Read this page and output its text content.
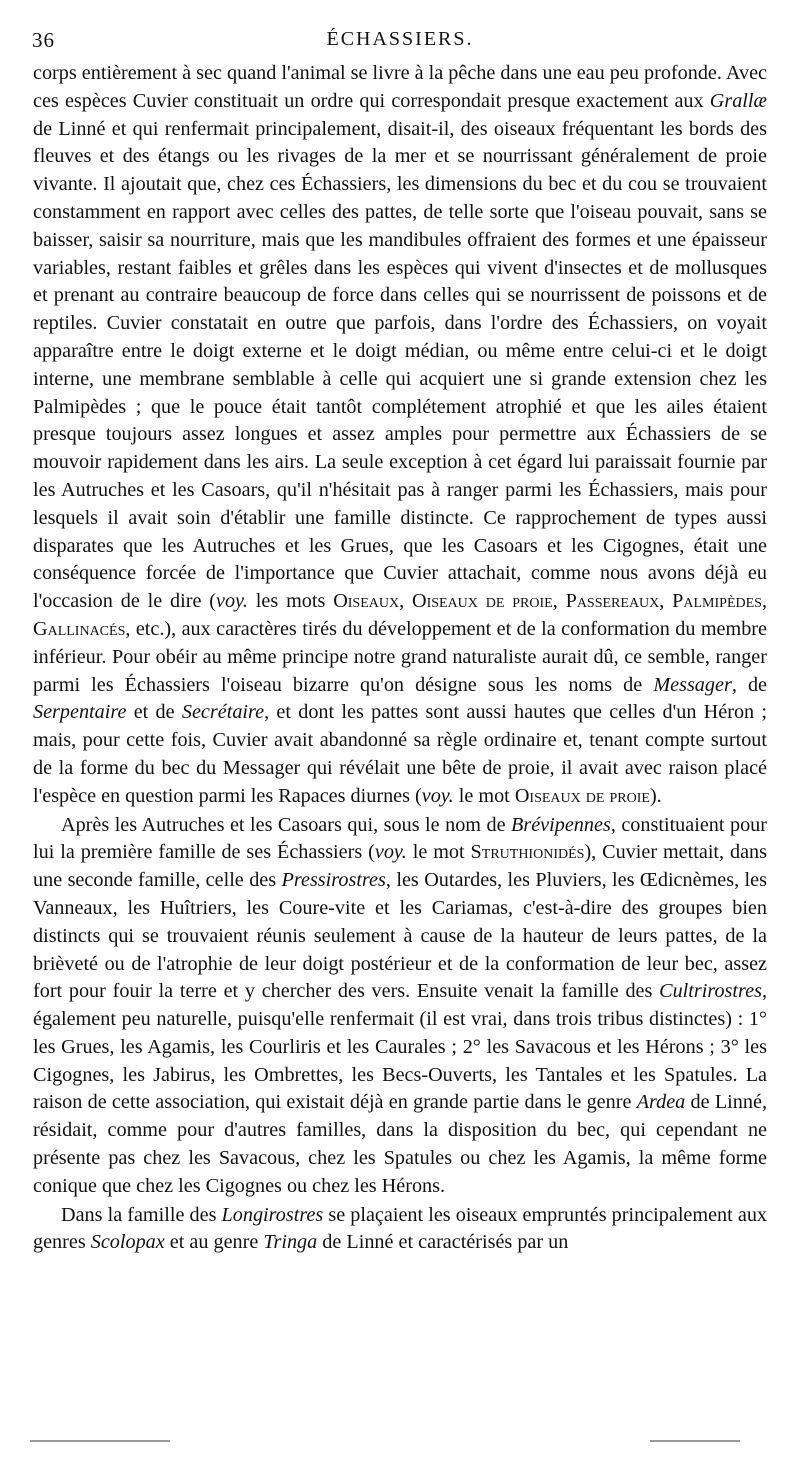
36	ÉCHASSIERS.

corps entièrement à sec quand l'animal se livre à la pêche dans une eau peu profonde. Avec ces espèces Cuvier constituait un ordre qui correspondait presque exactement aux Grallæ de Linné et qui renfermait principalement, disait-il, des oiseaux fréquentant les bords des fleuves et des étangs ou les rivages de la mer et se nourrissant généralement de proie vivante. Il ajoutait que, chez ces Échassiers, les dimensions du bec et du cou se trouvaient constamment en rapport avec celles des pattes, de telle sorte que l'oiseau pouvait, sans se baisser, saisir sa nourriture, mais que les mandibules offraient des formes et une épaisseur variables, restant faibles et grêles dans les espèces qui vivent d'insectes et de mollusques et prenant au contraire beaucoup de force dans celles qui se nourrissent de poissons et de reptiles. Cuvier constatait en outre que parfois, dans l'ordre des Échassiers, on voyait apparaître entre le doigt externe et le doigt médian, ou même entre celui-ci et le doigt interne, une membrane semblable à celle qui acquiert une si grande extension chez les Palmipèdes ; que le pouce était tantôt complétement atrophié et que les ailes étaient presque toujours assez longues et assez amples pour permettre aux Échassiers de se mouvoir rapidement dans les airs. La seule exception à cet égard lui paraissait fournie par les Autruches et les Casoars, qu'il n'hésitait pas à ranger parmi les Échassiers, mais pour lesquels il avait soin d'établir une famille distincte. Ce rapprochement de types aussi disparates que les Autruches et les Grues, que les Casoars et les Cigognes, était une conséquence forcée de l'importance que Cuvier attachait, comme nous avons déjà eu l'occasion de le dire (voy. les mots Oiseaux, Oiseaux de proie, Passereaux, Palmipèdes, Gallinacés, etc.), aux caractères tirés du développement et de la conformation du membre inférieur. Pour obéir au même principe notre grand naturaliste aurait dû, ce semble, ranger parmi les Échassiers l'oiseau bizarre qu'on désigne sous les noms de Messager, de Serpentaire et de Secrétaire, et dont les pattes sont aussi hautes que celles d'un Héron ; mais, pour cette fois, Cuvier avait abandonné sa règle ordinaire et, tenant compte surtout de la forme du bec du Messager qui révélait une bête de proie, il avait avec raison placé l'espèce en question parmi les Rapaces diurnes (voy. le mot Oiseaux de proie).

Après les Autruches et les Casoars qui, sous le nom de Brévipennes, constituaient pour lui la première famille de ses Échassiers (voy. le mot Struthionidés), Cuvier mettait, dans une seconde famille, celle des Pressirostres, les Outardes, les Pluviers, les Œdicnèmes, les Vanneaux, les Huîtriers, les Coure-vite et les Cariamas, c'est-à-dire des groupes bien distincts qui se trouvaient réunis seulement à cause de la hauteur de leurs pattes, de la brièveté ou de l'atrophie de leur doigt postérieur et de la conformation de leur bec, assez fort pour fouir la terre et y chercher des vers. Ensuite venait la famille des Cultrirostres, également peu naturelle, puisqu'elle renfermait (il est vrai, dans trois tribus distinctes) : 1° les Grues, les Agamis, les Courliris et les Caurales ; 2° les Savacous et les Hérons ; 3° les Cigognes, les Jabirus, les Ombrettes, les Becs-Ouverts, les Tantales et les Spatules. La raison de cette association, qui existait déjà en grande partie dans le genre Ardea de Linné, résidait, comme pour d'autres familles, dans la disposition du bec, qui cependant ne présente pas chez les Savacous, chez les Spatules ou chez les Agamis, la même forme conique que chez les Cigognes ou chez les Hérons.

Dans la famille des Longirostres se plaçaient les oiseaux empruntés principalement aux genres Scolopax et au genre Tringa de Linné et caractérisés par un
